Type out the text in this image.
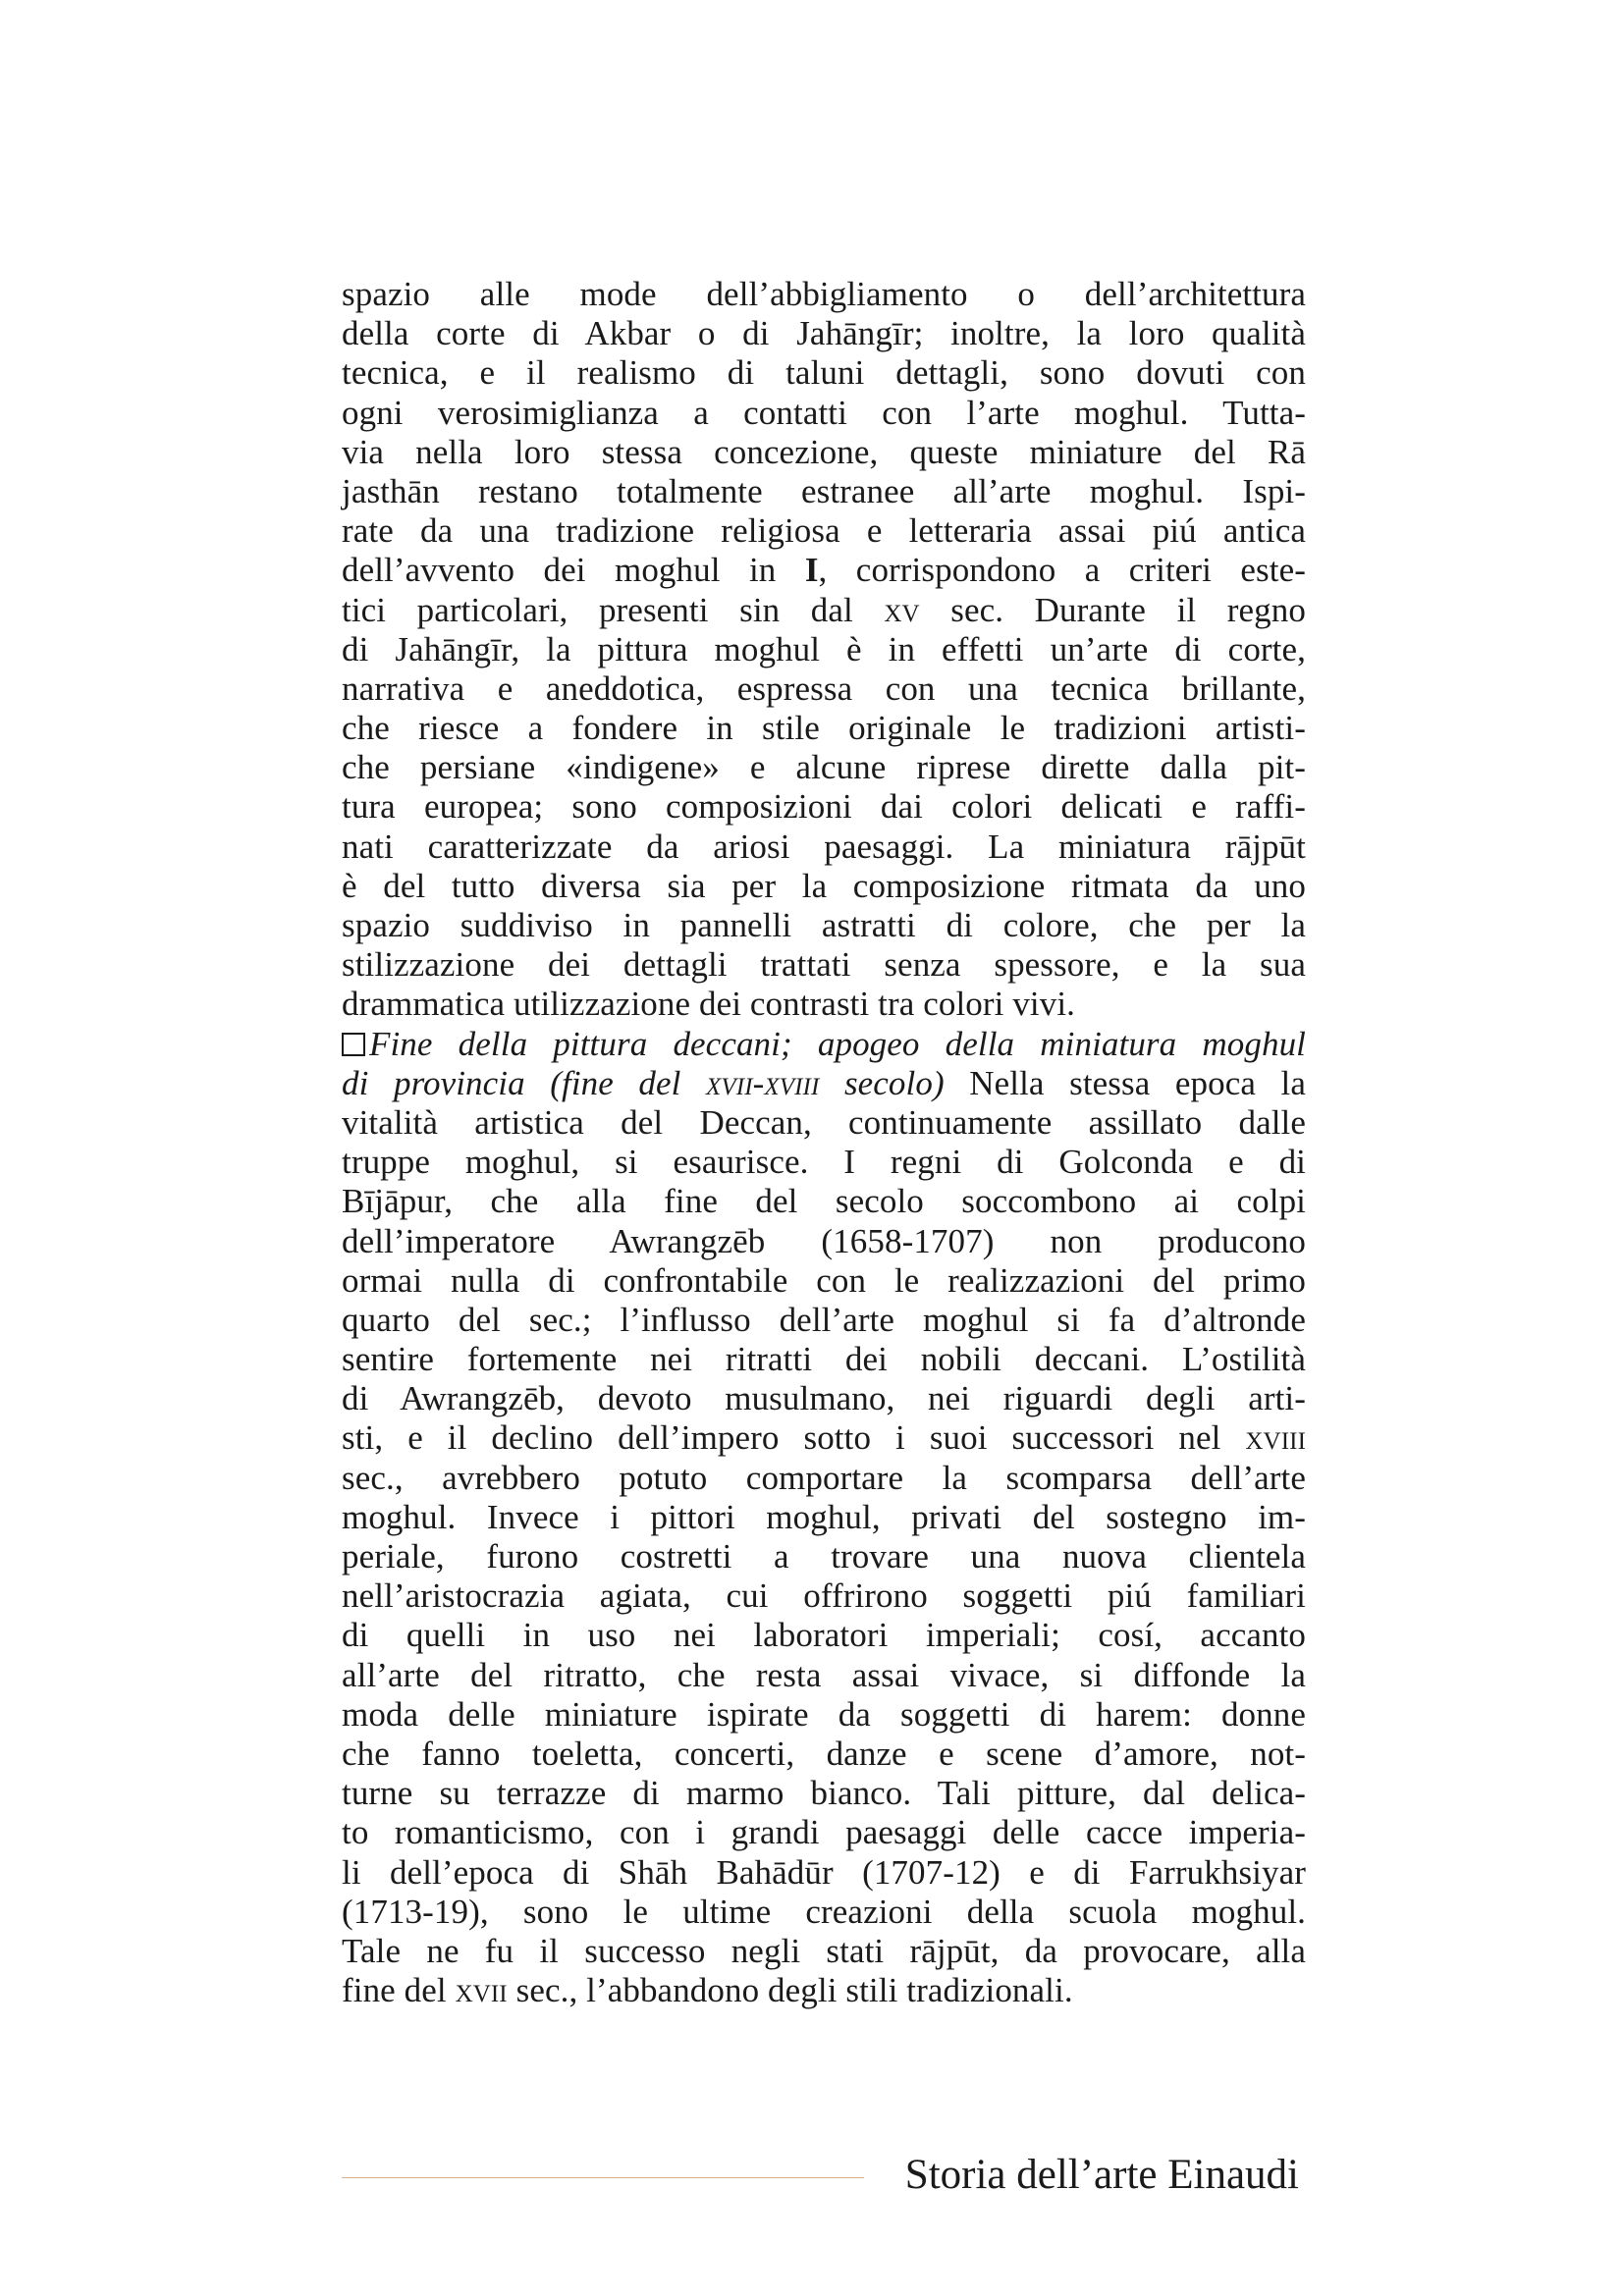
spazio alle mode dell’abbigliamento o dell’architettura
della corte di Akbar o di Jahāngīr; inoltre, la loro qualità
tecnica, e il realismo di taluni dettagli, sono dovuti con
ogni verosimiglianza a contatti con l’arte moghul. Tutta-
via nella loro stessa concezione, queste miniature del Rā
jasthān restano totalmente estranee all’arte moghul. Ispi-
rate da una tradizione religiosa e letteraria assai piú antica
dell’avvento dei moghul in I, corrispondono a criteri este-
tici particolari, presenti sin dal xv sec. Durante il regno
di Jahāngīr, la pittura moghul è in effetti un’arte di corte,
narrativa e aneddotica, espressa con una tecnica brillante,
che riesce a fondere in stile originale le tradizioni artisti-
che persiane «indigene» e alcune riprese dirette dalla pit-
tura europea; sono composizioni dai colori delicati e raffi-
nati caratterizzate da ariosi paesaggi. La miniatura rājpūt
è del tutto diversa sia per la composizione ritmata da uno
spazio suddiviso in pannelli astratti di colore, che per la
stilizzazione dei dettagli trattati senza spessore, e la sua
drammatica utilizzazione dei contrasti tra colori vivi.
Fine della pittura deccani; apogeo della miniatura moghul
di provincia (fine del xvii-xviii secolo) Nella stessa epoca la
vitalità artistica del Deccan, continuamente assillato dalle
truppe moghul, si esaurisce. I regni di Golconda e di
Bījāpur, che alla fine del secolo soccombono ai colpi
dell’imperatore Awrangzēb (1658-1707) non producono
ormai nulla di confrontabile con le realizzazioni del primo
quarto del sec.; l’influsso dell’arte moghul si fa d’altronde
sentire fortemente nei ritratti dei nobili deccani. L’ostilità
di Awrangzēb, devoto musulmano, nei riguardi degli arti-
sti, e il declino dell’impero sotto i suoi successori nel xviii
sec., avrebbero potuto comportare la scomparsa dell’arte
moghul. Invece i pittori moghul, privati del sostegno im-
periale, furono costretti a trovare una nuova clientela
nell’aristocrazia agiata, cui offrirono soggetti piú familiari
di quelli in uso nei laboratori imperiali; cosí, accanto
all’arte del ritratto, che resta assai vivace, si diffonde la
moda delle miniature ispirate da soggetti di harem: donne
che fanno toeletta, concerti, danze e scene d’amore, not-
turne su terrazze di marmo bianco. Tali pitture, dal delica-
to romanticismo, con i grandi paesaggi delle cacce imperia-
li dell’epoca di Shāh Bahādūr (1707-12) e di Farrukhsiyar
(1713-19), sono le ultime creazioni della scuola moghul.
Tale ne fu il successo negli stati rājpūt, da provocare, alla
fine del xvii sec., l’abbandono degli stili tradizionali.
Storia dell’arte Einaudi
